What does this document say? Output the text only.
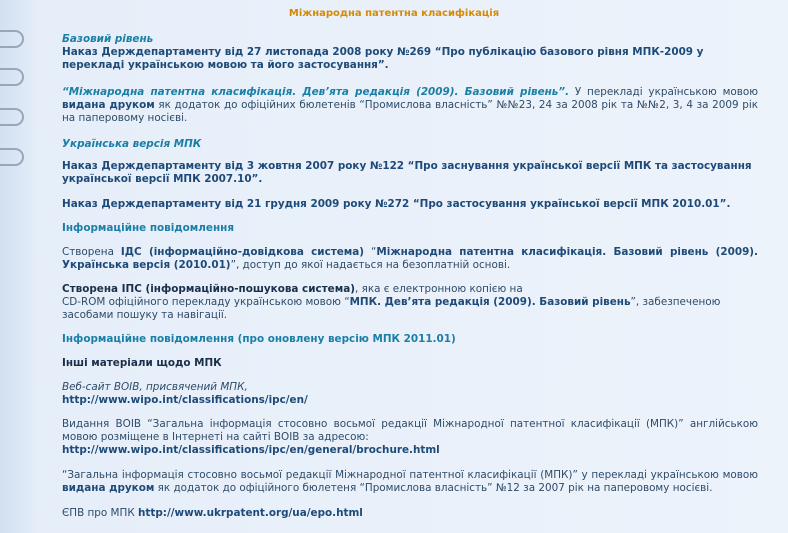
Міжнародна патентна класифікація

Базовий рівень

Наказ Держдепартаменту від 27 листопада 2008 року №269 “Про публікацію базового рівня МПК-2009 у перекладі українською мовою та його застосування”.

“Міжнародна патентна класифікація. Дев’ята редакція (2009). Базовий рівень”. У перекладі українською мовою видана друком як додаток до офіційних бюлетенів “Промислова власність” №№23, 24 за 2008 рік та №№2, 3, 4 за 2009 рік на паперовому носієві.

Українська версія МПК

Наказ Держдепартаменту від 3 жовтня 2007 року №122 “Про заснування української версії МПК та застосування української версії МПК 2007.10”.

Наказ Держдепартаменту від 21 грудня 2009 року №272 “Про застосування української версії МПК 2010.01”.

Інформаційне повідомлення

Створена ІДС (інформаційно-довідкова система) “Міжнародна патентна класифікація. Базовий рівень (2009). Українська версія (2010.01)”, доступ до якої надається на безоплатній основі.

Створена ІПС (інформаційно-пошукова система), яка є електронною копією на
CD-ROM офіційного перекладу українською мовою “МПК. Дев’ята редакція (2009). Базовий рівень”, забезпеченою засобами пошуку та навігації.

Інформаційне повідомлення (про оновлену версію МПК 2011.01)

Інші матеріали щодо МПК

Веб-сайт ВОІВ, присвячений МПК,

http://www.wipo.int/classifications/ipc/en/

Видання ВОІВ “Загальна інформація стосовно восьмої редакції Міжнародної патентної класифікації (МПК)” англійською мовою розміщене в Інтернеті на сайті ВОІВ за адресою:

http://www.wipo.int/classifications/ipc/en/general/brochure.html

“Загальна інформація стосовно восьмої редакції Міжнародної патентної класифікації (МПК)” у перекладі українською мовою видана друком як додаток до офіційного бюлетеня “Промислова власність” №12 за 2007 рік на паперовому носієві.

ЄПВ про МПК http://www.ukrpatent.org/ua/epo.html
